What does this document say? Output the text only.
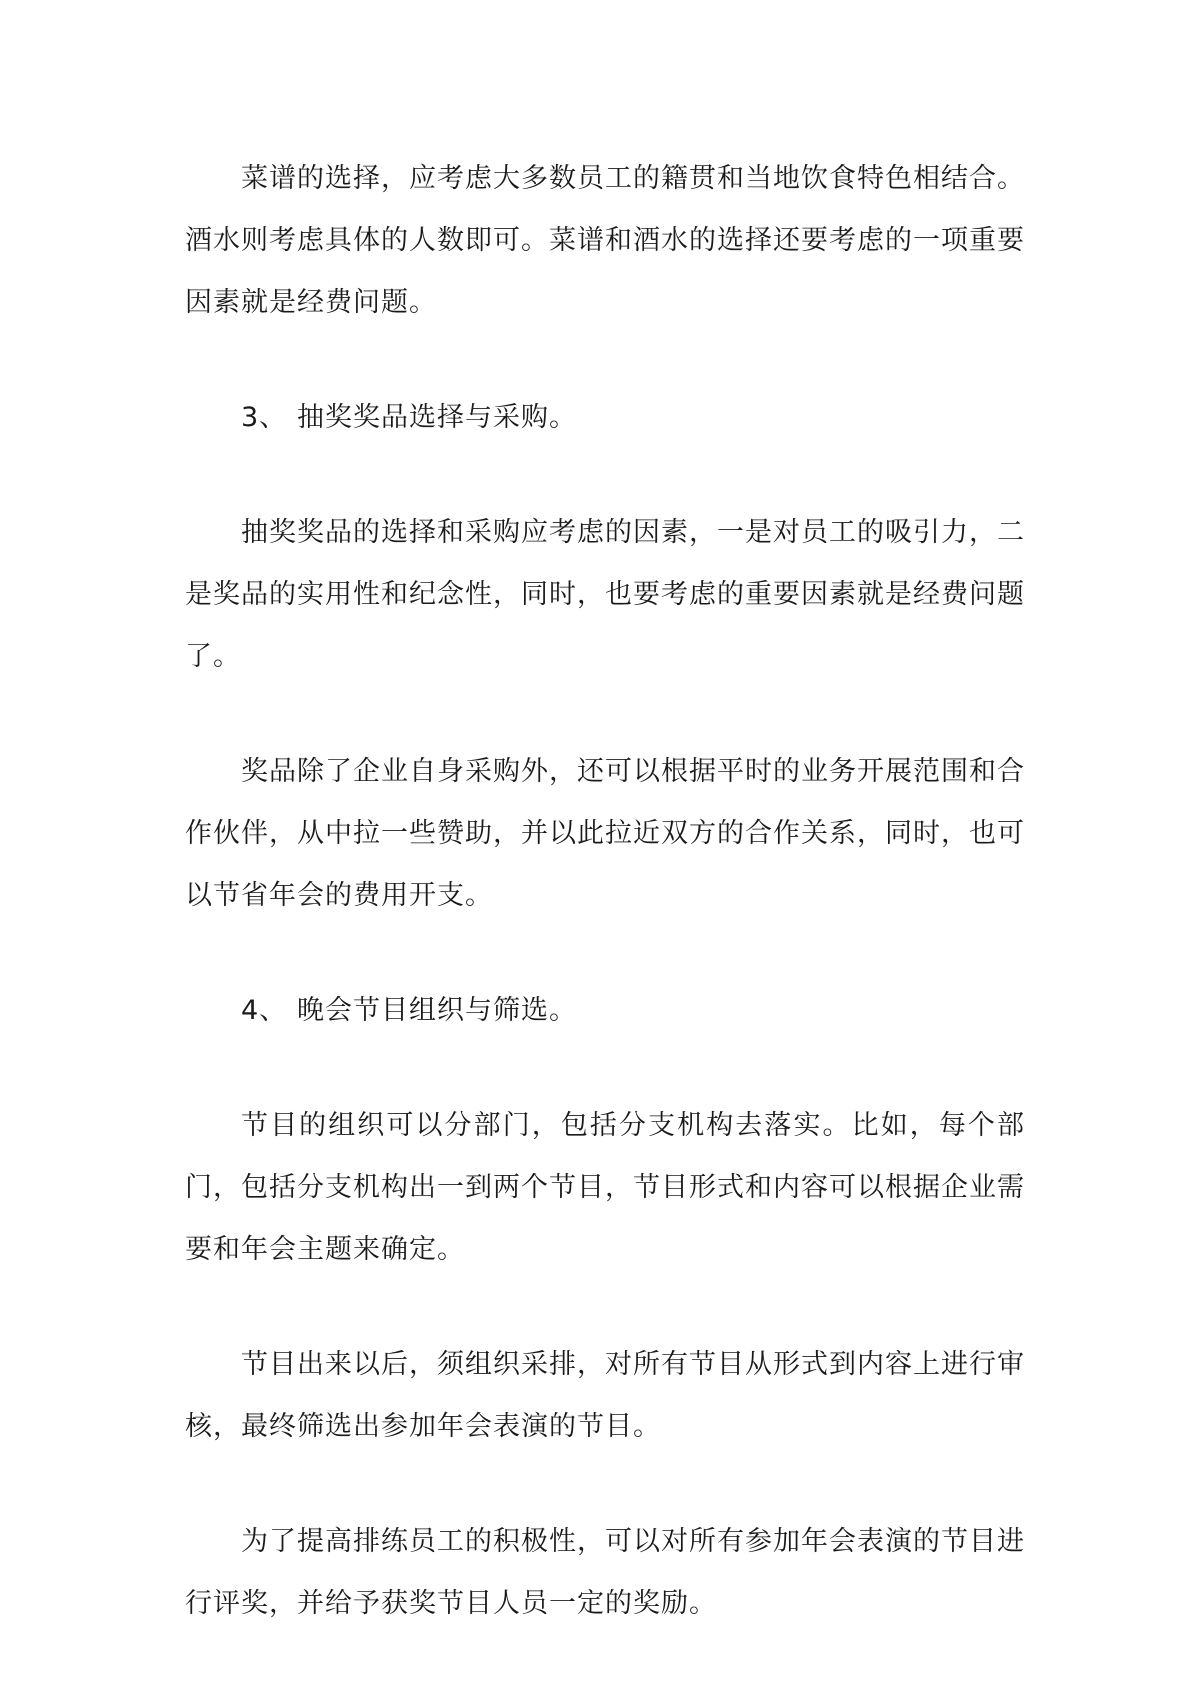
菜谱的选择，应考虑大多数员工的籍贯和当地饮食特色相结合。酒水则考虑具体的人数即可。菜谱和酒水的选择还要考虑的一项重要因素就是经费问题。

3、 抽奖奖品选择与采购。

抽奖奖品的选择和采购应考虑的因素，一是对员工的吸引力，二是奖品的实用性和纪念性，同时，也要考虑的重要因素就是经费问题了。

奖品除了企业自身采购外，还可以根据平时的业务开展范围和合作伙伴，从中拉一些赞助，并以此拉近双方的合作关系，同时，也可以节省年会的费用开支。

4、 晚会节目组织与筛选。

节目的组织可以分部门，包括分支机构去落实。比如，每个部门，包括分支机构出一到两个节目，节目形式和内容可以根据企业需要和年会主题来确定。

节目出来以后，须组织采排，对所有节目从形式到内容上进行审核，最终筛选出参加年会表演的节目。

为了提高排练员工的积极性，可以对所有参加年会表演的节目进行评奖，并给予获奖节目人员一定的奖励。
